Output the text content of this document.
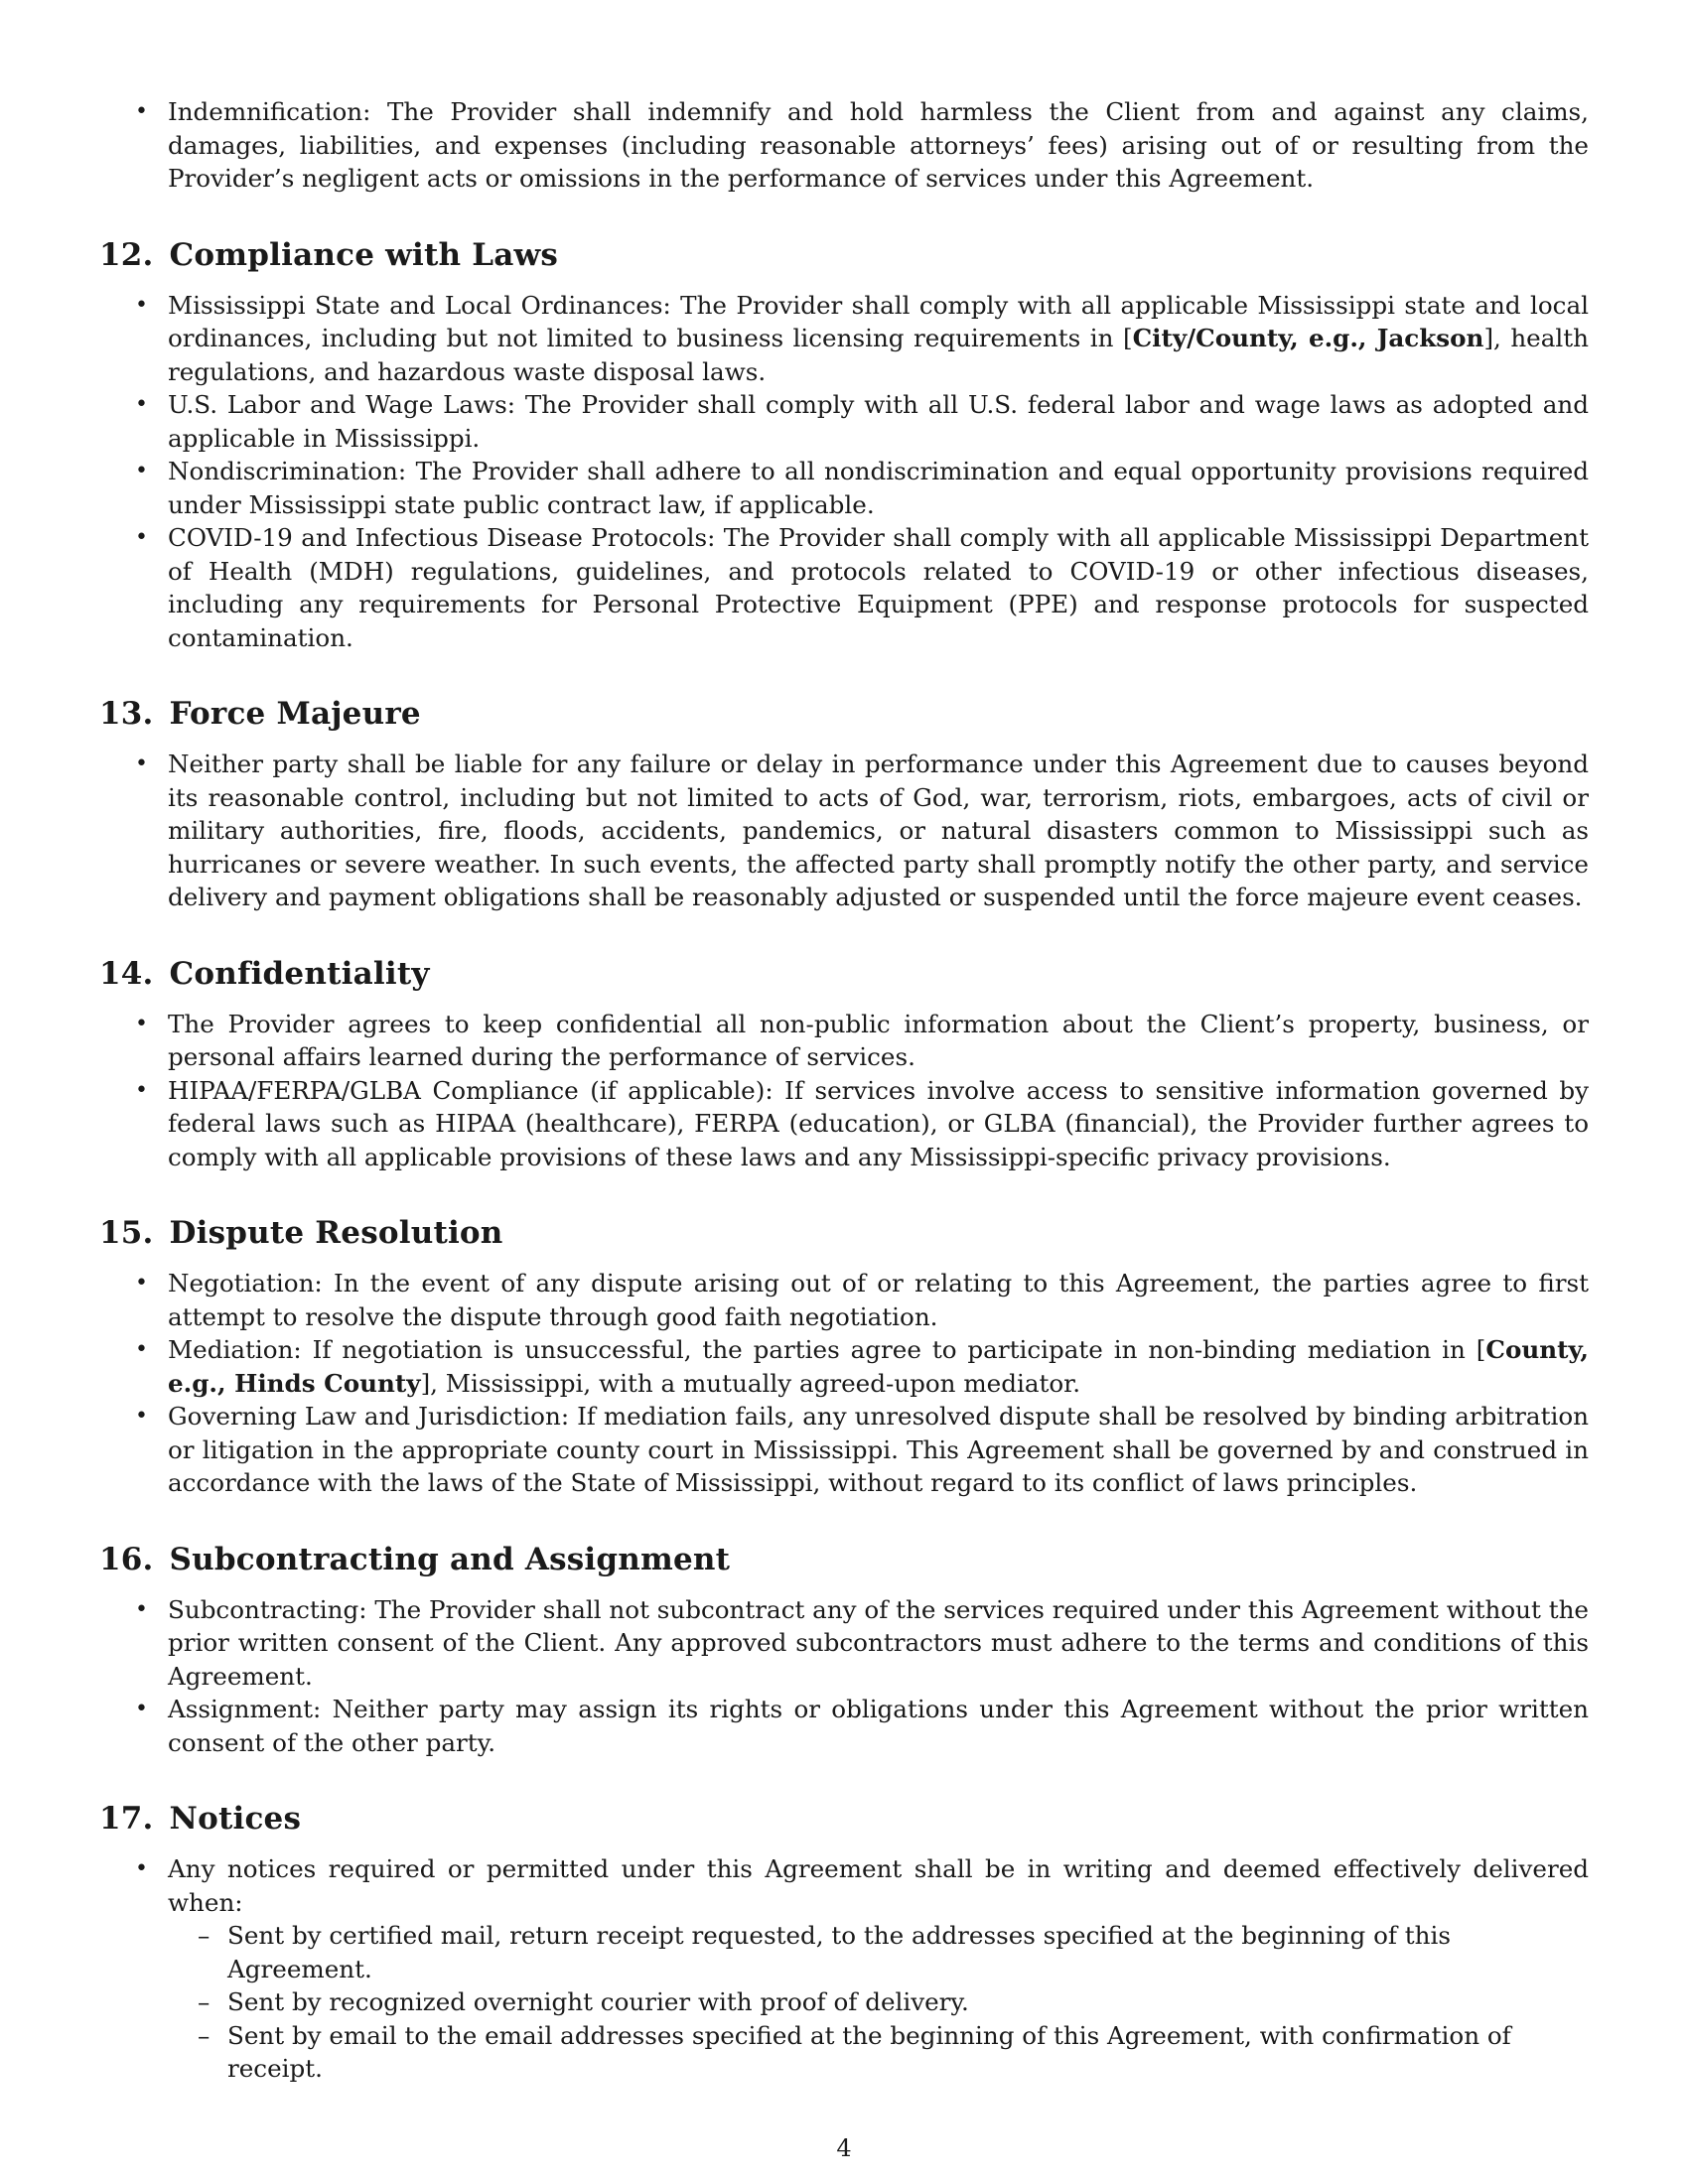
• Indemnification: The Provider shall indemnify and hold harmless the Client from and against any claims, damages, liabilities, and expenses (including reasonable attorneys’ fees) arising out of or resulting from the Provider’s negligent acts or omissions in the performance of services under this Agreement.
12. Compliance with Laws
• Mississippi State and Local Ordinances: The Provider shall comply with all applicable Mississippi state and local ordinances, including but not limited to business licensing requirements in [City/County, e.g., Jackson], health regulations, and hazardous waste disposal laws.
• U.S. Labor and Wage Laws: The Provider shall comply with all U.S. federal labor and wage laws as adopted and applicable in Mississippi.
• Nondiscrimination: The Provider shall adhere to all nondiscrimination and equal opportunity provisions required under Mississippi state public contract law, if applicable.
• COVID-19 and Infectious Disease Protocols: The Provider shall comply with all applicable Mississippi Department of Health (MDH) regulations, guidelines, and protocols related to COVID-19 or other infectious diseases, including any requirements for Personal Protective Equipment (PPE) and response protocols for suspected contamination.
13. Force Majeure
• Neither party shall be liable for any failure or delay in performance under this Agreement due to causes beyond its reasonable control, including but not limited to acts of God, war, terrorism, riots, embargoes, acts of civil or military authorities, fire, floods, accidents, pandemics, or natural disasters common to Mississippi such as hurricanes or severe weather. In such events, the affected party shall promptly notify the other party, and service delivery and payment obligations shall be reasonably adjusted or suspended until the force majeure event ceases.
14. Confidentiality
• The Provider agrees to keep confidential all non-public information about the Client’s property, business, or personal affairs learned during the performance of services.
• HIPAA/FERPA/GLBA Compliance (if applicable): If services involve access to sensitive information governed by federal laws such as HIPAA (healthcare), FERPA (education), or GLBA (financial), the Provider further agrees to comply with all applicable provisions of these laws and any Mississippi-specific privacy provisions.
15. Dispute Resolution
• Negotiation: In the event of any dispute arising out of or relating to this Agreement, the parties agree to first attempt to resolve the dispute through good faith negotiation.
• Mediation: If negotiation is unsuccessful, the parties agree to participate in non-binding mediation in [County, e.g., Hinds County], Mississippi, with a mutually agreed-upon mediator.
• Governing Law and Jurisdiction: If mediation fails, any unresolved dispute shall be resolved by binding arbitration or litigation in the appropriate county court in Mississippi. This Agreement shall be governed by and construed in accordance with the laws of the State of Mississippi, without regard to its conflict of laws principles.
16. Subcontracting and Assignment
• Subcontracting: The Provider shall not subcontract any of the services required under this Agreement without the prior written consent of the Client. Any approved subcontractors must adhere to the terms and conditions of this Agreement.
• Assignment: Neither party may assign its rights or obligations under this Agreement without the prior written consent of the other party.
17. Notices
• Any notices required or permitted under this Agreement shall be in writing and deemed effectively delivered when:
– Sent by certified mail, return receipt requested, to the addresses specified at the beginning of this Agreement.
– Sent by recognized overnight courier with proof of delivery.
– Sent by email to the email addresses specified at the beginning of this Agreement, with confirmation of receipt.
4
